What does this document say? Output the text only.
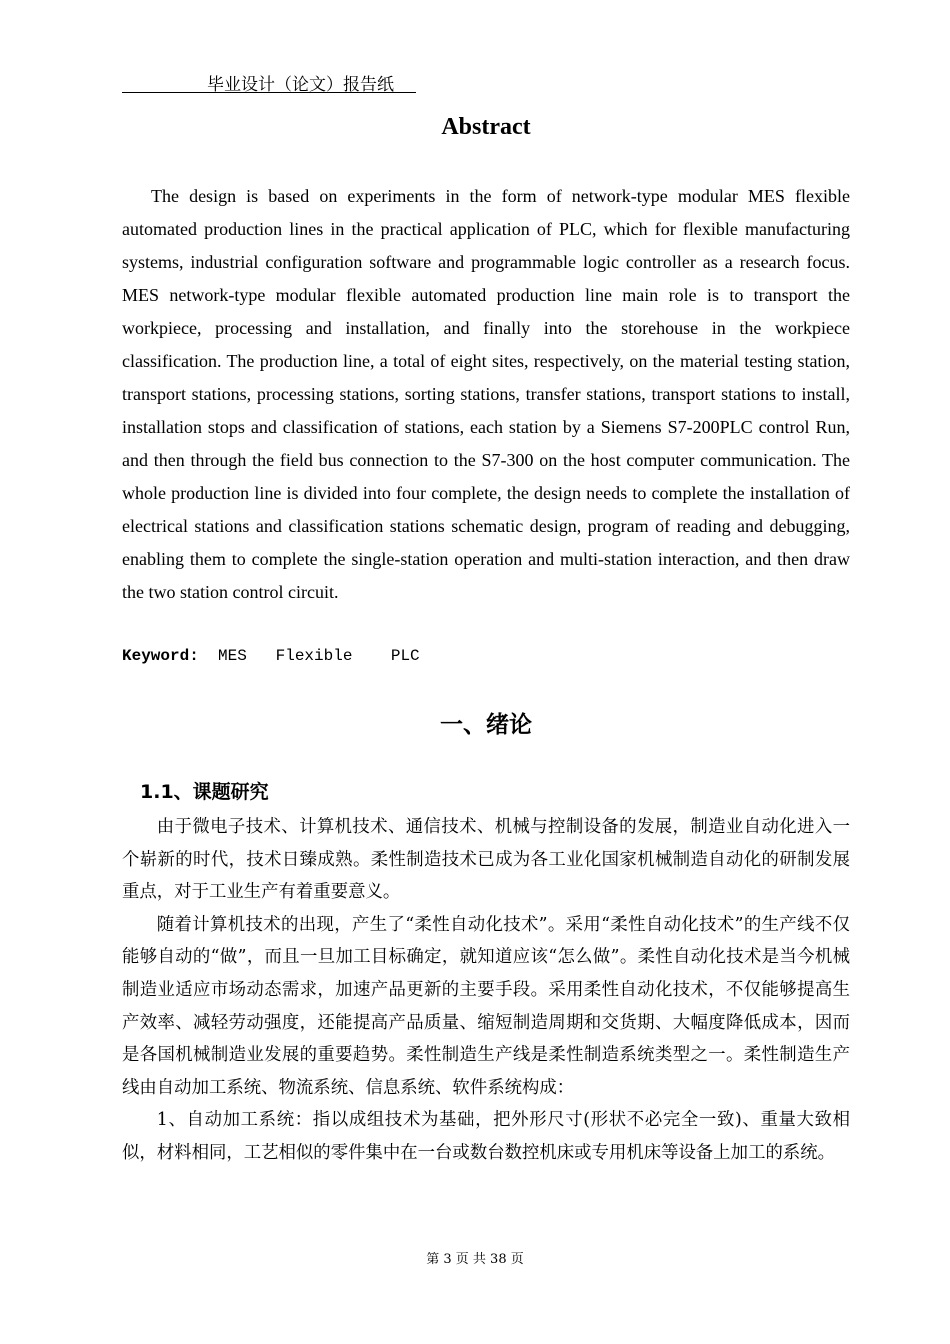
毕业设计（论文）报告纸
Abstract

The design is based on experiments in the form of network-type modular MES flexible automated production lines in the practical application of PLC, which for flexible manufacturing systems, industrial configuration software and programmable logic controller as a research focus. MES network-type modular flexible automated production line main role is to transport the workpiece, processing and installation, and finally into the storehouse in the workpiece classification. The production line, a total of eight sites, respectively, on the material testing station, transport stations, processing stations, sorting stations, transfer stations, transport stations to install, installation stops and classification of stations, each station by a Siemens S7-200PLC control Run, and then through the field bus connection to the S7-300 on the host computer communication. The whole production line is divided into four complete, the design needs to complete the installation of electrical stations and classification stations schematic design, program of reading and debugging, enabling them to complete the single-station operation and multi-station interaction, and then draw the two station control circuit.

Keyword:  MES   Flexible    PLC
一、绪论
1.1、课题研究

由于微电子技术、计算机技术、通信技术、机械与控制设备的发展，制造业自动化进入一个崭新的时代，技术日臻成熟。柔性制造技术已成为各工业化国家机械制造自动化的研制发展重点，对于工业生产有着重要意义。

随着计算机技术的出现，产生了“柔性自动化技术”。采用“柔性自动化技术”的生产线不仅能够自动的“做”，而且一旦加工目标确定，就知道应该“怎么做”。柔性自动化技术是当今机械制造业适应市场动态需求，加速产品更新的主要手段。采用柔性自动化技术，不仅能够提高生产效率、减轻劳动强度，还能提高产品质量、缩短制造周期和交货期、大幅度降低成本，因而是各国机械制造业发展的重要趋势。柔性制造生产线是柔性制造系统类型之一。柔性制造生产线由自动加工系统、物流系统、信息系统、软件系统构成：

1、自动加工系统：指以成组技术为基础，把外形尺寸(形状不必完全一致)、重量大致相似，材料相同，工艺相似的零件集中在一台或数台数控机床或专用机床等设备上加工的系统。

第 3 页 共 38 页
